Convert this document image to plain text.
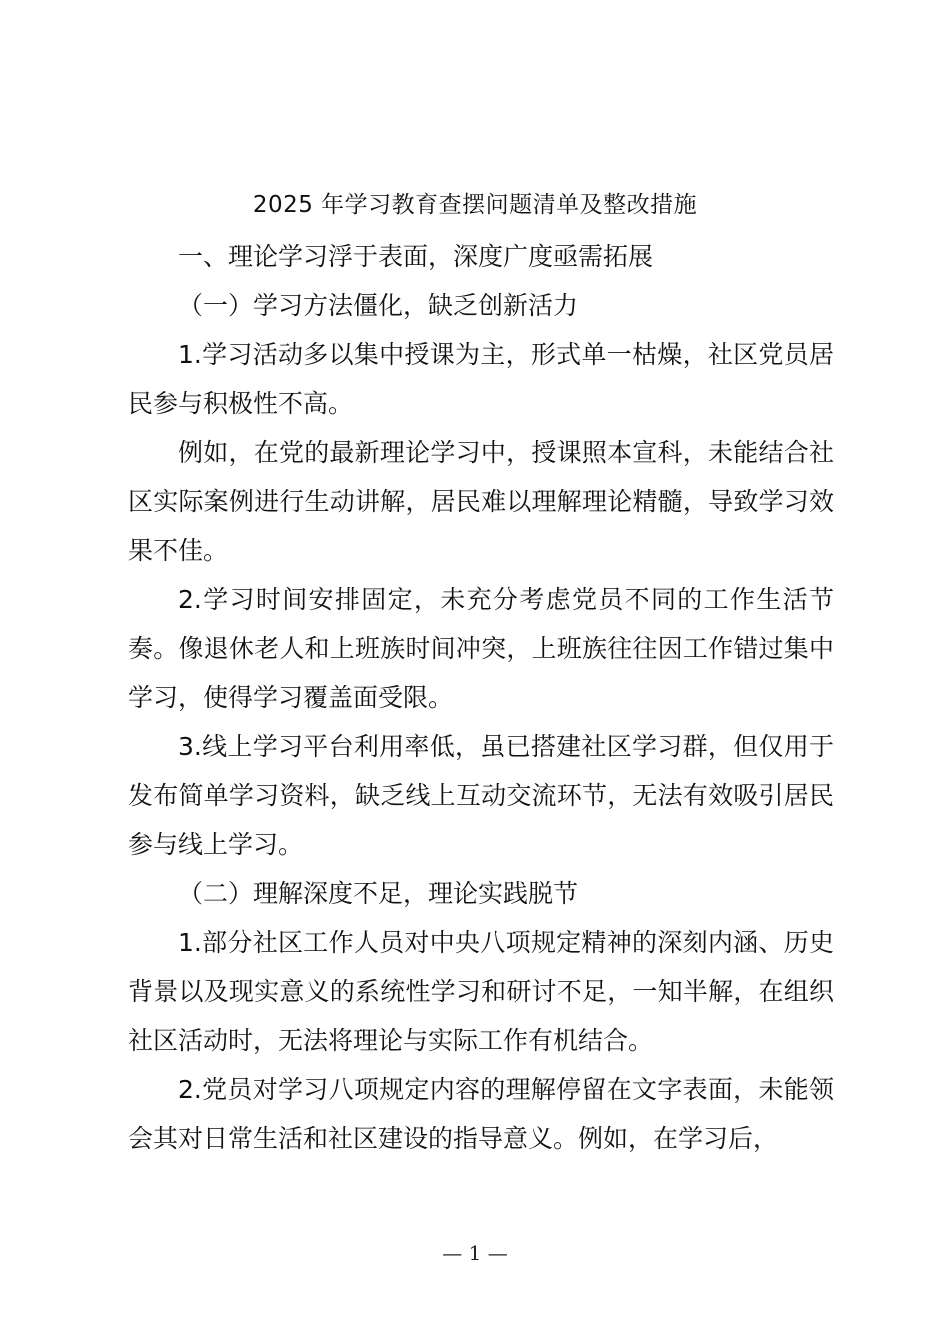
2025 年学习教育查摆问题清单及整改措施

一、理论学习浮于表面，深度广度亟需拓展

（一）学习方法僵化，缺乏创新活力

1.学习活动多以集中授课为主，形式单一枯燥，社区党员居民参与积极性不高。

例如，在党的最新理论学习中，授课照本宣科，未能结合社区实际案例进行生动讲解，居民难以理解理论精髓，导致学习效果不佳。

2.学习时间安排固定，未充分考虑党员不同的工作生活节奏。像退休老人和上班族时间冲突，上班族往往因工作错过集中学习，使得学习覆盖面受限。

3.线上学习平台利用率低，虽已搭建社区学习群，但仅用于发布简单学习资料，缺乏线上互动交流环节，无法有效吸引居民参与线上学习。

（二）理解深度不足，理论实践脱节

1.部分社区工作人员对中央八项规定精神的深刻内涵、历史背景以及现实意义的系统性学习和研讨不足，一知半解，在组织社区活动时，无法将理论与实际工作有机结合。

2.党员对学习八项规定内容的理解停留在文字表面，未能领会其对日常生活和社区建设的指导意义。例如，在学习后，

— 1 —
